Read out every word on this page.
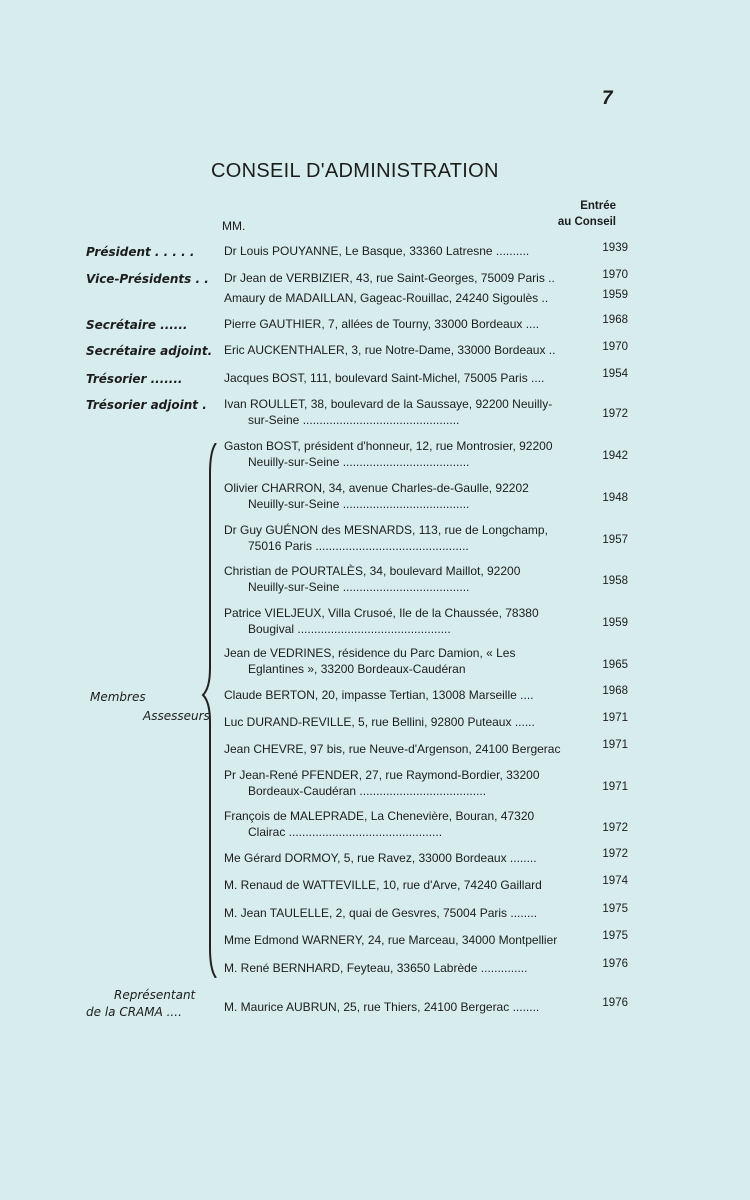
7
CONSEIL D'ADMINISTRATION
MM.
Entrée
au Conseil
Président . . . . .	Dr Louis POUYANNE, Le Basque, 33360 Latresne ..........	1939
Vice-Présidents . .	Dr Jean de VERBIZIER, 43, rue Saint-Georges, 75009 Paris ..	1970
Amaury de MADAILLAN, Gageac-Rouillac, 24240 Sigoulès ..	1959
Secrétaire ......	Pierre GAUTHIER, 7, allées de Tourny, 33000 Bordeaux ....	1968
Secrétaire adjoint. Eric AUCKENTHALER, 3, rue Notre-Dame, 33000 Bordeaux ..	1970
Trésorier .......	Jacques BOST, 111, boulevard Saint-Michel, 75005 Paris ....	1954
Trésorier adjoint .	Ivan ROULLET, 38, boulevard de la Saussaye, 92200 Neuilly-
sur-Seine ...............................................	1972
Membres
Assesseurs
Gaston BOST, président d'honneur, 12, rue Montrosier, 92200
Neuilly-sur-Seine ......................................	1942
Olivier CHARRON, 34, avenue Charles-de-Gaulle, 92202
Neuilly-sur-Seine ......................................	1948
Dr Guy GUÉNON des MESNARDS, 113, rue de Longchamp,
75016 Paris ..............................................	1957
Christian de POURTALÈS, 34, boulevard Maillot, 92200
Neuilly-sur-Seine ......................................	1958
Patrice VIELJEUX, Villa Crusoé, Ile de la Chaussée, 78380
Bougival ..............................................	1959
Jean de VEDRINES, résidence du Parc Damion, « Les
Eglantines », 33200 Bordeaux-Caudéran	1965
Claude BERTON, 20, impasse Tertian, 13008 Marseille ....	1968
Luc DURAND-REVILLE, 5, rue Bellini, 92800 Puteaux ......	1971
Jean CHEVRE, 97 bis, rue Neuve-d'Argenson, 24100 Bergerac	1971
Pr Jean-René PFENDER, 27, rue Raymond-Bordier, 33200
Bordeaux-Caudéran ......................................	1971
François de MALEPRADE, La Chenevière, Bouran, 47320
Clairac ..............................................	1972
Me Gérard DORMOY, 5, rue Ravez, 33000 Bordeaux ........	1972
M. Renaud de WATTEVILLE, 10, rue d'Arve, 74240 Gaillard	1974
M. Jean TAULELLE, 2, quai de Gesvres, 75004 Paris ........	1975
Mme Edmond WARNERY, 24, rue Marceau, 34000 Montpellier	1975
M. René BERNHARD, Feyteau, 33650 Labrède ..............	1976
Représentant
de la CRAMA ....	M. Maurice AUBRUN, 25, rue Thiers, 24100 Bergerac ........	1976
